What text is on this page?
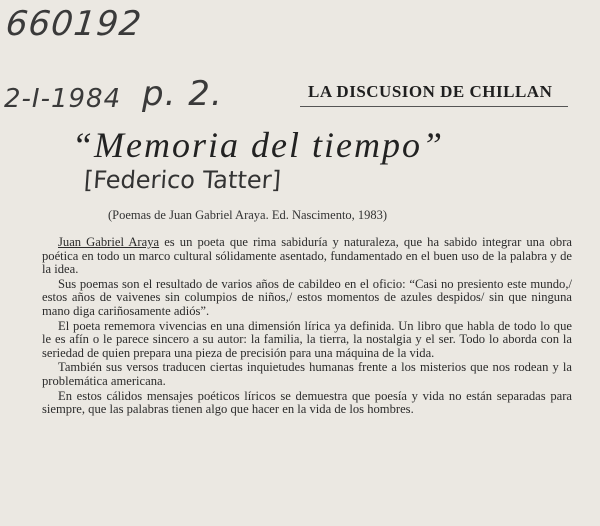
660192
2-I-1984 p. 2.	LA DISCUSION DE CHILLAN
“Memoria del tiempo”
[Federico Tatter]
(Poemas de Juan Gabriel Araya. Ed. Nascimento, 1983)

Juan Gabriel Araya es un poeta que rima sabiduría y naturaleza, que ha sabido integrar una obra poética en todo un marco cultural sólidamente asentado, fundamentado en el buen uso de la palabra y de la idea.

Sus poemas son el resultado de varios años de cabildeo en el oficio: “Casi no presiento este mundo,/ estos años de vaivenes sin columpios de niños,/ estos momentos de azules despidos/ sin que ninguna mano diga cariñosamente adiós”.

El poeta rememora vivencias en una dimensión lírica ya definida. Un libro que habla de todo lo que le es afín o le parece sincero a su autor: la familia, la tierra, la nostalgia y el ser. Todo lo aborda con la seriedad de quien prepara una pieza de precisión para una máquina de la vida.

También sus versos traducen ciertas inquietudes humanas frente a los misterios que nos rodean y la problemática americana.

En estos cálidos mensajes poéticos líricos se demuestra que poesía y vida no están separadas para siempre, que las palabras tienen algo que hacer en la vida de los hombres.
